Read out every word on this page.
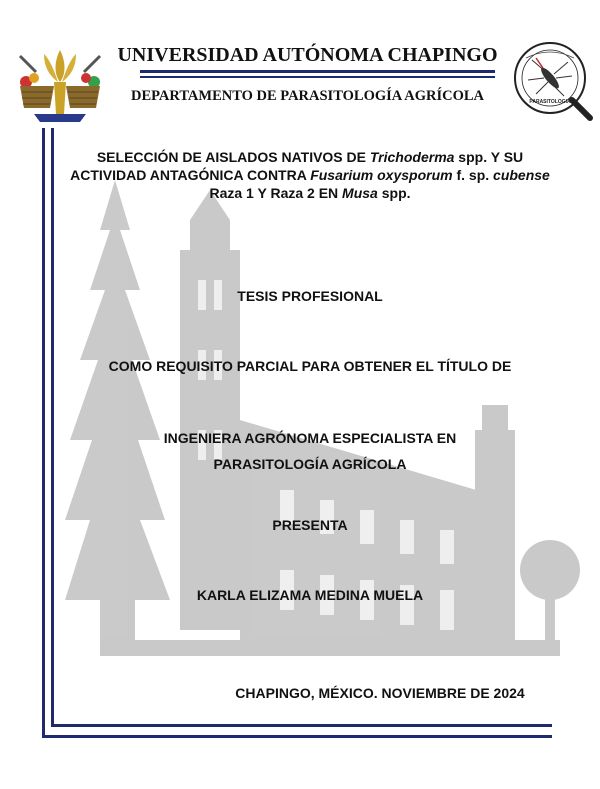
PARASITOLOGIA
UNIVERSIDAD AUTÓNOMA CHAPINGO
DEPARTAMENTO DE PARASITOLOGÍA AGRÍCOLA
SELECCIÓN DE AISLADOS NATIVOS DE Trichoderma spp. Y SU ACTIVIDAD ANTAGÓNICA CONTRA Fusarium oxysporum f. sp. cubense Raza 1 Y Raza 2 EN Musa spp.
TESIS PROFESIONAL
COMO REQUISITO PARCIAL PARA OBTENER EL TÍTULO DE
INGENIERA AGRÓNOMA ESPECIALISTA EN
PARASITOLOGÍA AGRÍCOLA
PRESENTA
KARLA ELIZAMA MEDINA MUELA
CHAPINGO, MÉXICO. NOVIEMBRE DE 2024
